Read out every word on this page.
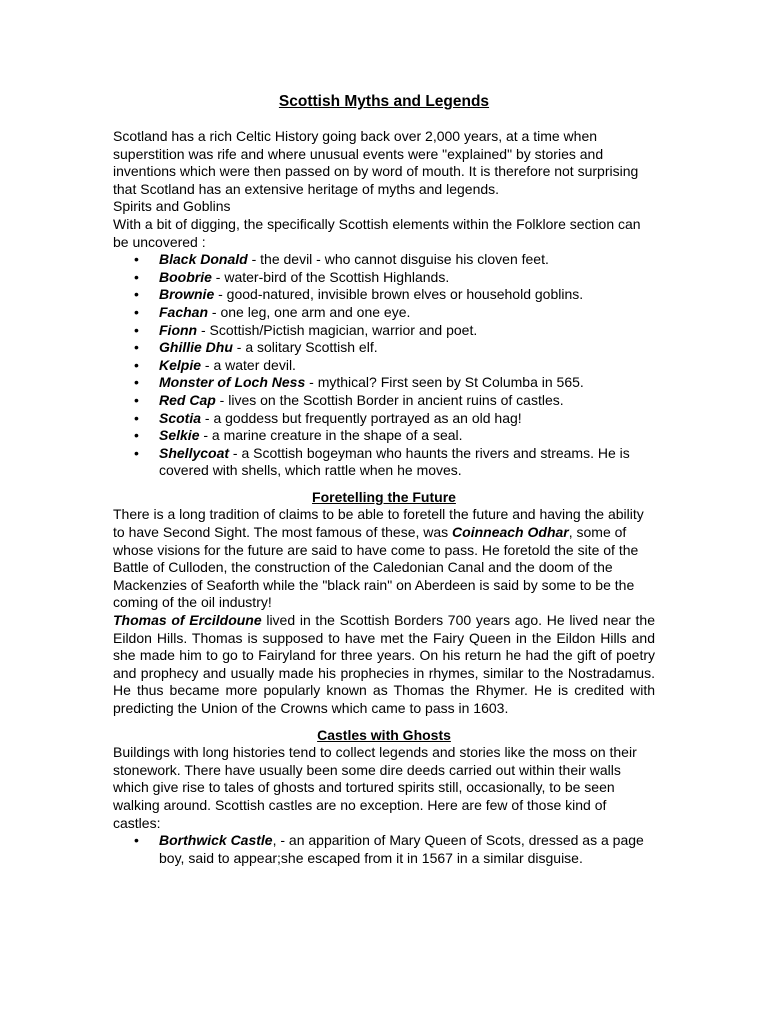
Scottish Myths and Legends

Scotland has a rich Celtic History going back over 2,000 years, at a time when superstition was rife and where unusual events were "explained" by stories and inventions which were then passed on by word of mouth. It is therefore not surprising that Scotland has an extensive heritage of myths and legends.

Spirits and Goblins

With a bit of digging, the specifically Scottish elements within the Folklore section can be uncovered :

• Black Donald - the devil - who cannot disguise his cloven feet.
• Boobrie - water-bird of the Scottish Highlands.
• Brownie - good-natured, invisible brown elves or household goblins.
• Fachan - one leg, one arm and one eye.
• Fionn - Scottish/Pictish magician, warrior and poet.
• Ghillie Dhu - a solitary Scottish elf.
• Kelpie - a water devil.
• Monster of Loch Ness - mythical? First seen by St Columba in 565.
• Red Cap - lives on the Scottish Border in ancient ruins of castles.
• Scotia - a goddess but frequently portrayed as an old hag!
• Selkie - a marine creature in the shape of a seal.
• Shellycoat - a Scottish bogeyman who haunts the rivers and streams. He is covered with shells, which rattle when he moves.
Foretelling the Future

There is a long tradition of claims to be able to foretell the future and having the ability to have Second Sight. The most famous of these, was Coinneach Odhar, some of whose visions for the future are said to have come to pass. He foretold the site of the Battle of Culloden, the construction of the Caledonian Canal and the doom of the Mackenzies of Seaforth while the "black rain" on Aberdeen is said by some to be the coming of the oil industry!

Thomas of Ercildoune lived in the Scottish Borders 700 years ago. He lived near the Eildon Hills. Thomas is supposed to have met the Fairy Queen in the Eildon Hills and she made him to go to Fairyland for three years. On his return he had the gift of poetry and prophecy and usually made his prophecies in rhymes, similar to the Nostradamus. He thus became more popularly known as Thomas the Rhymer. He is credited with predicting the Union of the Crowns which came to pass in 1603.

Castles with Ghosts

Buildings with long histories tend to collect legends and stories like the moss on their stonework. There have usually been some dire deeds carried out within their walls which give rise to tales of ghosts and tortured spirits still, occasionally, to be seen walking around. Scottish castles are no exception. Here are few of those kind of castles:

• Borthwick Castle, - an apparition of Mary Queen of Scots, dressed as a page boy, said to appear;she escaped from it in 1567 in a similar disguise.
